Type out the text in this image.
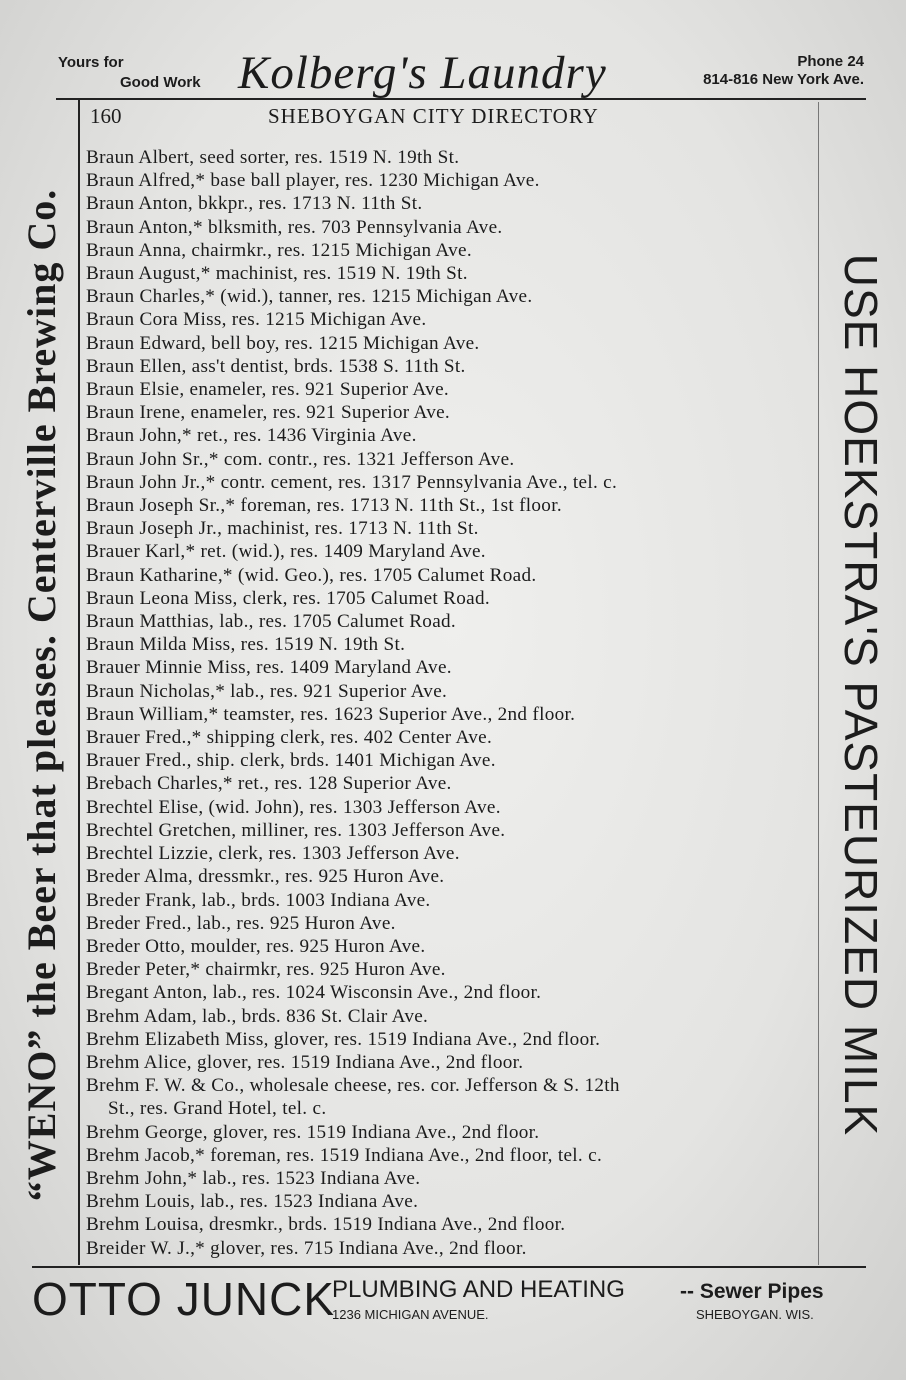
Yours for
Good Work Kolberg's Laundry	Phone 24
814-816 New York Ave.
160	SHEBOYGAN CITY DIRECTORY
“WENO” the Beer that pleases. Centerville Brewing Co.	USE HOEKSTRA'S PASTEURIZED MILK
Braun Albert, seed sorter, res. 1519 N. 19th St.
Braun Alfred,* base ball player, res. 1230 Michigan Ave.
Braun Anton, bkkpr., res. 1713 N. 11th St.
Braun Anton,* blksmith, res. 703 Pennsylvania Ave.
Braun Anna, chairmkr., res. 1215 Michigan Ave.
Braun August,* machinist, res. 1519 N. 19th St.
Braun Charles,* (wid.), tanner, res. 1215 Michigan Ave.
Braun Cora Miss, res. 1215 Michigan Ave.
Braun Edward, bell boy, res. 1215 Michigan Ave.
Braun Ellen, ass't dentist, brds. 1538 S. 11th St.
Braun Elsie, enameler, res. 921 Superior Ave.
Braun Irene, enameler, res. 921 Superior Ave.
Braun John,* ret., res. 1436 Virginia Ave.
Braun John Sr.,* com. contr., res. 1321 Jefferson Ave.
Braun John Jr.,* contr. cement, res. 1317 Pennsylvania Ave., tel. c.
Braun Joseph Sr.,* foreman, res. 1713 N. 11th St., 1st floor.
Braun Joseph Jr., machinist, res. 1713 N. 11th St.
Brauer Karl,* ret. (wid.), res. 1409 Maryland Ave.
Braun Katharine,* (wid. Geo.), res. 1705 Calumet Road.
Braun Leona Miss, clerk, res. 1705 Calumet Road.
Braun Matthias, lab., res. 1705 Calumet Road.
Braun Milda Miss, res. 1519 N. 19th St.
Brauer Minnie Miss, res. 1409 Maryland Ave.
Braun Nicholas,* lab., res. 921 Superior Ave.
Braun William,* teamster, res. 1623 Superior Ave., 2nd floor.
Brauer Fred.,* shipping clerk, res. 402 Center Ave.
Brauer Fred., ship. clerk, brds. 1401 Michigan Ave.
Brebach Charles,* ret., res. 128 Superior Ave.
Brechtel Elise, (wid. John), res. 1303 Jefferson Ave.
Brechtel Gretchen, milliner, res. 1303 Jefferson Ave.
Brechtel Lizzie, clerk, res. 1303 Jefferson Ave.
Breder Alma, dressmkr., res. 925 Huron Ave.
Breder Frank, lab., brds. 1003 Indiana Ave.
Breder Fred., lab., res. 925 Huron Ave.
Breder Otto, moulder, res. 925 Huron Ave.
Breder Peter,* chairmkr, res. 925 Huron Ave.
Bregant Anton, lab., res. 1024 Wisconsin Ave., 2nd floor.
Brehm Adam, lab., brds. 836 St. Clair Ave.
Brehm Elizabeth Miss, glover, res. 1519 Indiana Ave., 2nd floor.
Brehm Alice, glover, res. 1519 Indiana Ave., 2nd floor.
Brehm F. W. & Co., wholesale cheese, res. cor. Jefferson & S. 12th
St., res. Grand Hotel, tel. c.
Brehm George, glover, res. 1519 Indiana Ave., 2nd floor.
Brehm Jacob,* foreman, res. 1519 Indiana Ave., 2nd floor, tel. c.
Brehm John,* lab., res. 1523 Indiana Ave.
Brehm Louis, lab., res. 1523 Indiana Ave.
Brehm Louisa, dresmkr., brds. 1519 Indiana Ave., 2nd floor.
Breider W. J.,* glover, res. 715 Indiana Ave., 2nd floor.
OTTO JUNCK
PLUMBING AND HEATING	-- Sewer Pipes
1236 MICHIGAN AVENUE.	SHEBOYGAN. WIS.
